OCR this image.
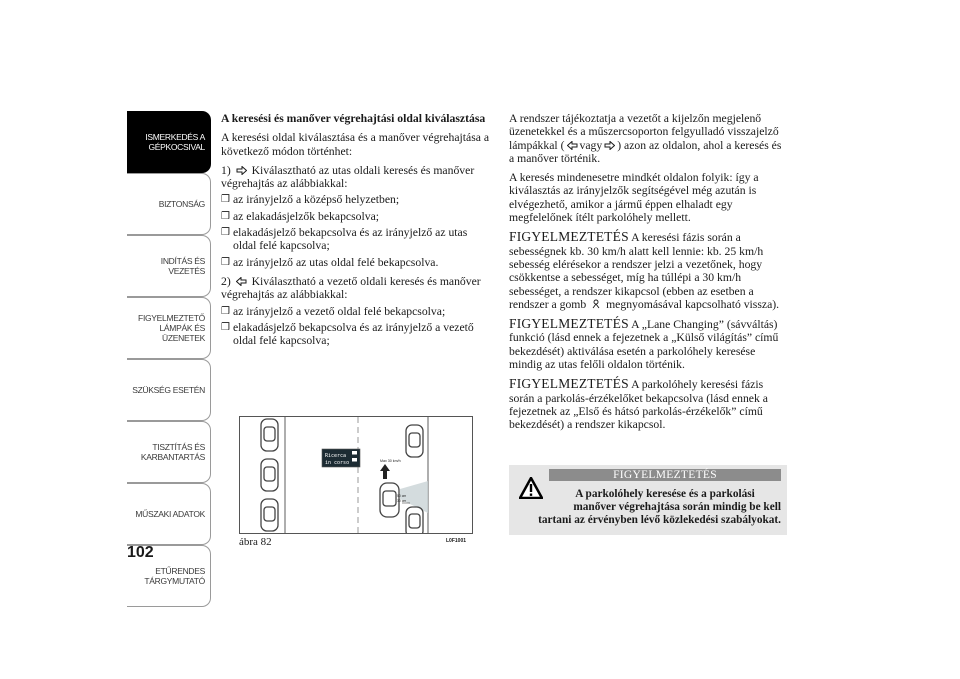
ISMERKEDÉS A
GÉPKOCSIVAL
BIZTONSÁG
INDÍTÁS ÉS
VEZETÉS
FIGYELMEZTETŐ
LÁMPÁK ÉS
ÜZENETEK
SZÜKSÉG ESETÉN
TISZTÍTÁS ÉS
KARBANTARTÁS
MŰSZAKI ADATOK
ETŰRENDES
TÁRGYMUTATÓ
102

A keresési és manőver végrehajtási oldal kiválasztása

A keresési oldal kiválasztása és a manőver végrehajtása a következő módon történhet:

1) Kiválasztható az utas oldali keresés és manőver végrehajtás az alábbiakkal:

❒ az irányjelző a középső helyzetben;
❒ az elakadásjelzők bekapcsolva;
❒ elakadásjelző bekapcsolva és az irányjelző az utas oldal felé kapcsolva;
❒ az irányjelző az utas oldal felé bekapcsolva.

2) Kiválasztható a vezető oldali keresés és manőver végrehajtás az alábbiakkal:

❒ az irányjelző a vezető oldal felé bekapcsolva;
❒ elakadásjelző bekapcsolva és az irányjelző a vezető oldal felé kapcsolva;
Ricerca
in corso	Max 30 km/h
50 cm
30 cm
ábra 82	L0F1001

A rendszer tájékoztatja a vezetőt a kijelzőn megjelenő üzenetekkel és a műszercsoporton felgyulladó visszajelző lámpákkal ( vagy ) azon az oldalon, ahol a keresés és a manőver történik.

A keresés mindenesetre mindkét oldalon folyik: így a kiválasztás az irányjelzők segítségével még azután is elvégezhető, amikor a jármű éppen elhaladt egy megfelelőnek ítélt parkolóhely mellett.

FIGYELMEZTETÉS A keresési fázis során a sebességnek kb. 30 km/h alatt kell lennie: kb. 25 km/h sebesség elérésekor a rendszer jelzi a vezetőnek, hogy csökkentse a sebességet, míg ha túllépi a 30 km/h sebességet, a rendszer kikapcsol (ebben az esetben a rendszer a gomb megnyomásával kapcsolható vissza).

FIGYELMEZTETÉS A „Lane Changing” (sávváltás) funkció (lásd ennek a fejezetnek a „Külső világítás” című bekezdését) aktiválása esetén a parkolóhely keresése mindig az utas felőli oldalon történik.

FIGYELMEZTETÉS A parkolóhely keresési fázis során a parkolás-érzékelőket bekapcsolva (lásd ennek a fejezetnek az „Első és hátsó parkolás-érzékelők” című bekezdését) a rendszer kikapcsol.

FIGYELMEZTETÉS
A parkolóhely keresése és a parkolási
manőver végrehajtása során mindig be kell
tartani az érvényben lévő közlekedési szabályokat.
